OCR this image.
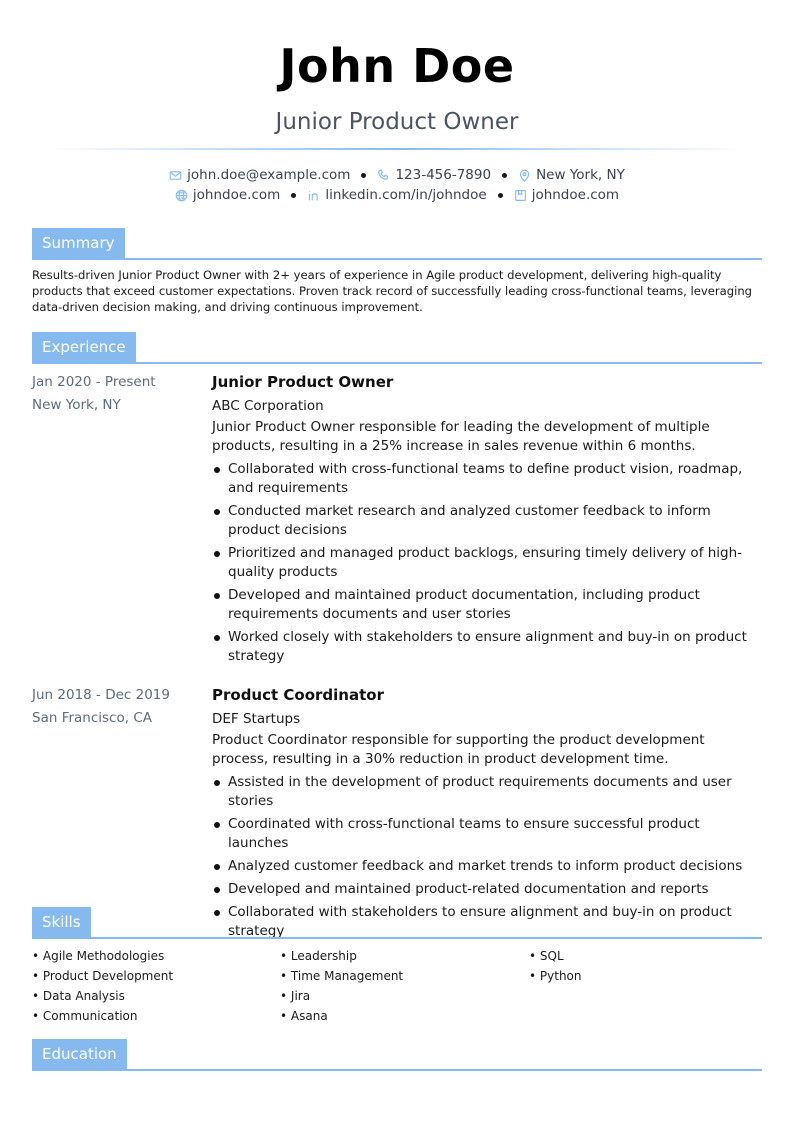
John Doe
Junior Product Owner
john.doe@example.com	123-456-7890	New York, NY
johndoe.com	linkedin.com/in/johndoe	johndoe.com
Summary
Results-driven Junior Product Owner with 2+ years of experience in Agile product development, delivering high-quality products that exceed customer expectations. Proven track record of successfully leading cross-functional teams, leveraging data-driven decision making, and driving continuous improvement.
Experience
Jan 2020 - Present
New York, NY
Junior Product Owner
ABC Corporation
Junior Product Owner responsible for leading the development of multiple products, resulting in a 25% increase in sales revenue within 6 months.
Collaborated with cross-functional teams to define product vision, roadmap, and requirements
Conducted market research and analyzed customer feedback to inform product decisions
Prioritized and managed product backlogs, ensuring timely delivery of high-quality products
Developed and maintained product documentation, including product requirements documents and user stories
Worked closely with stakeholders to ensure alignment and buy-in on product strategy
Jun 2018 - Dec 2019
San Francisco, CA
Product Coordinator
DEF Startups
Product Coordinator responsible for supporting the product development process, resulting in a 30% reduction in product development time.
Assisted in the development of product requirements documents and user stories
Coordinated with cross-functional teams to ensure successful product launches
Analyzed customer feedback and market trends to inform product decisions
Developed and maintained product-related documentation and reports
Collaborated with stakeholders to ensure alignment and buy-in on product strategy
Skills
• Agile Methodologies
• Product Development
• Data Analysis
• Communication
• Leadership
• Time Management
• Jira
• Asana
• SQL
• Python
Education
